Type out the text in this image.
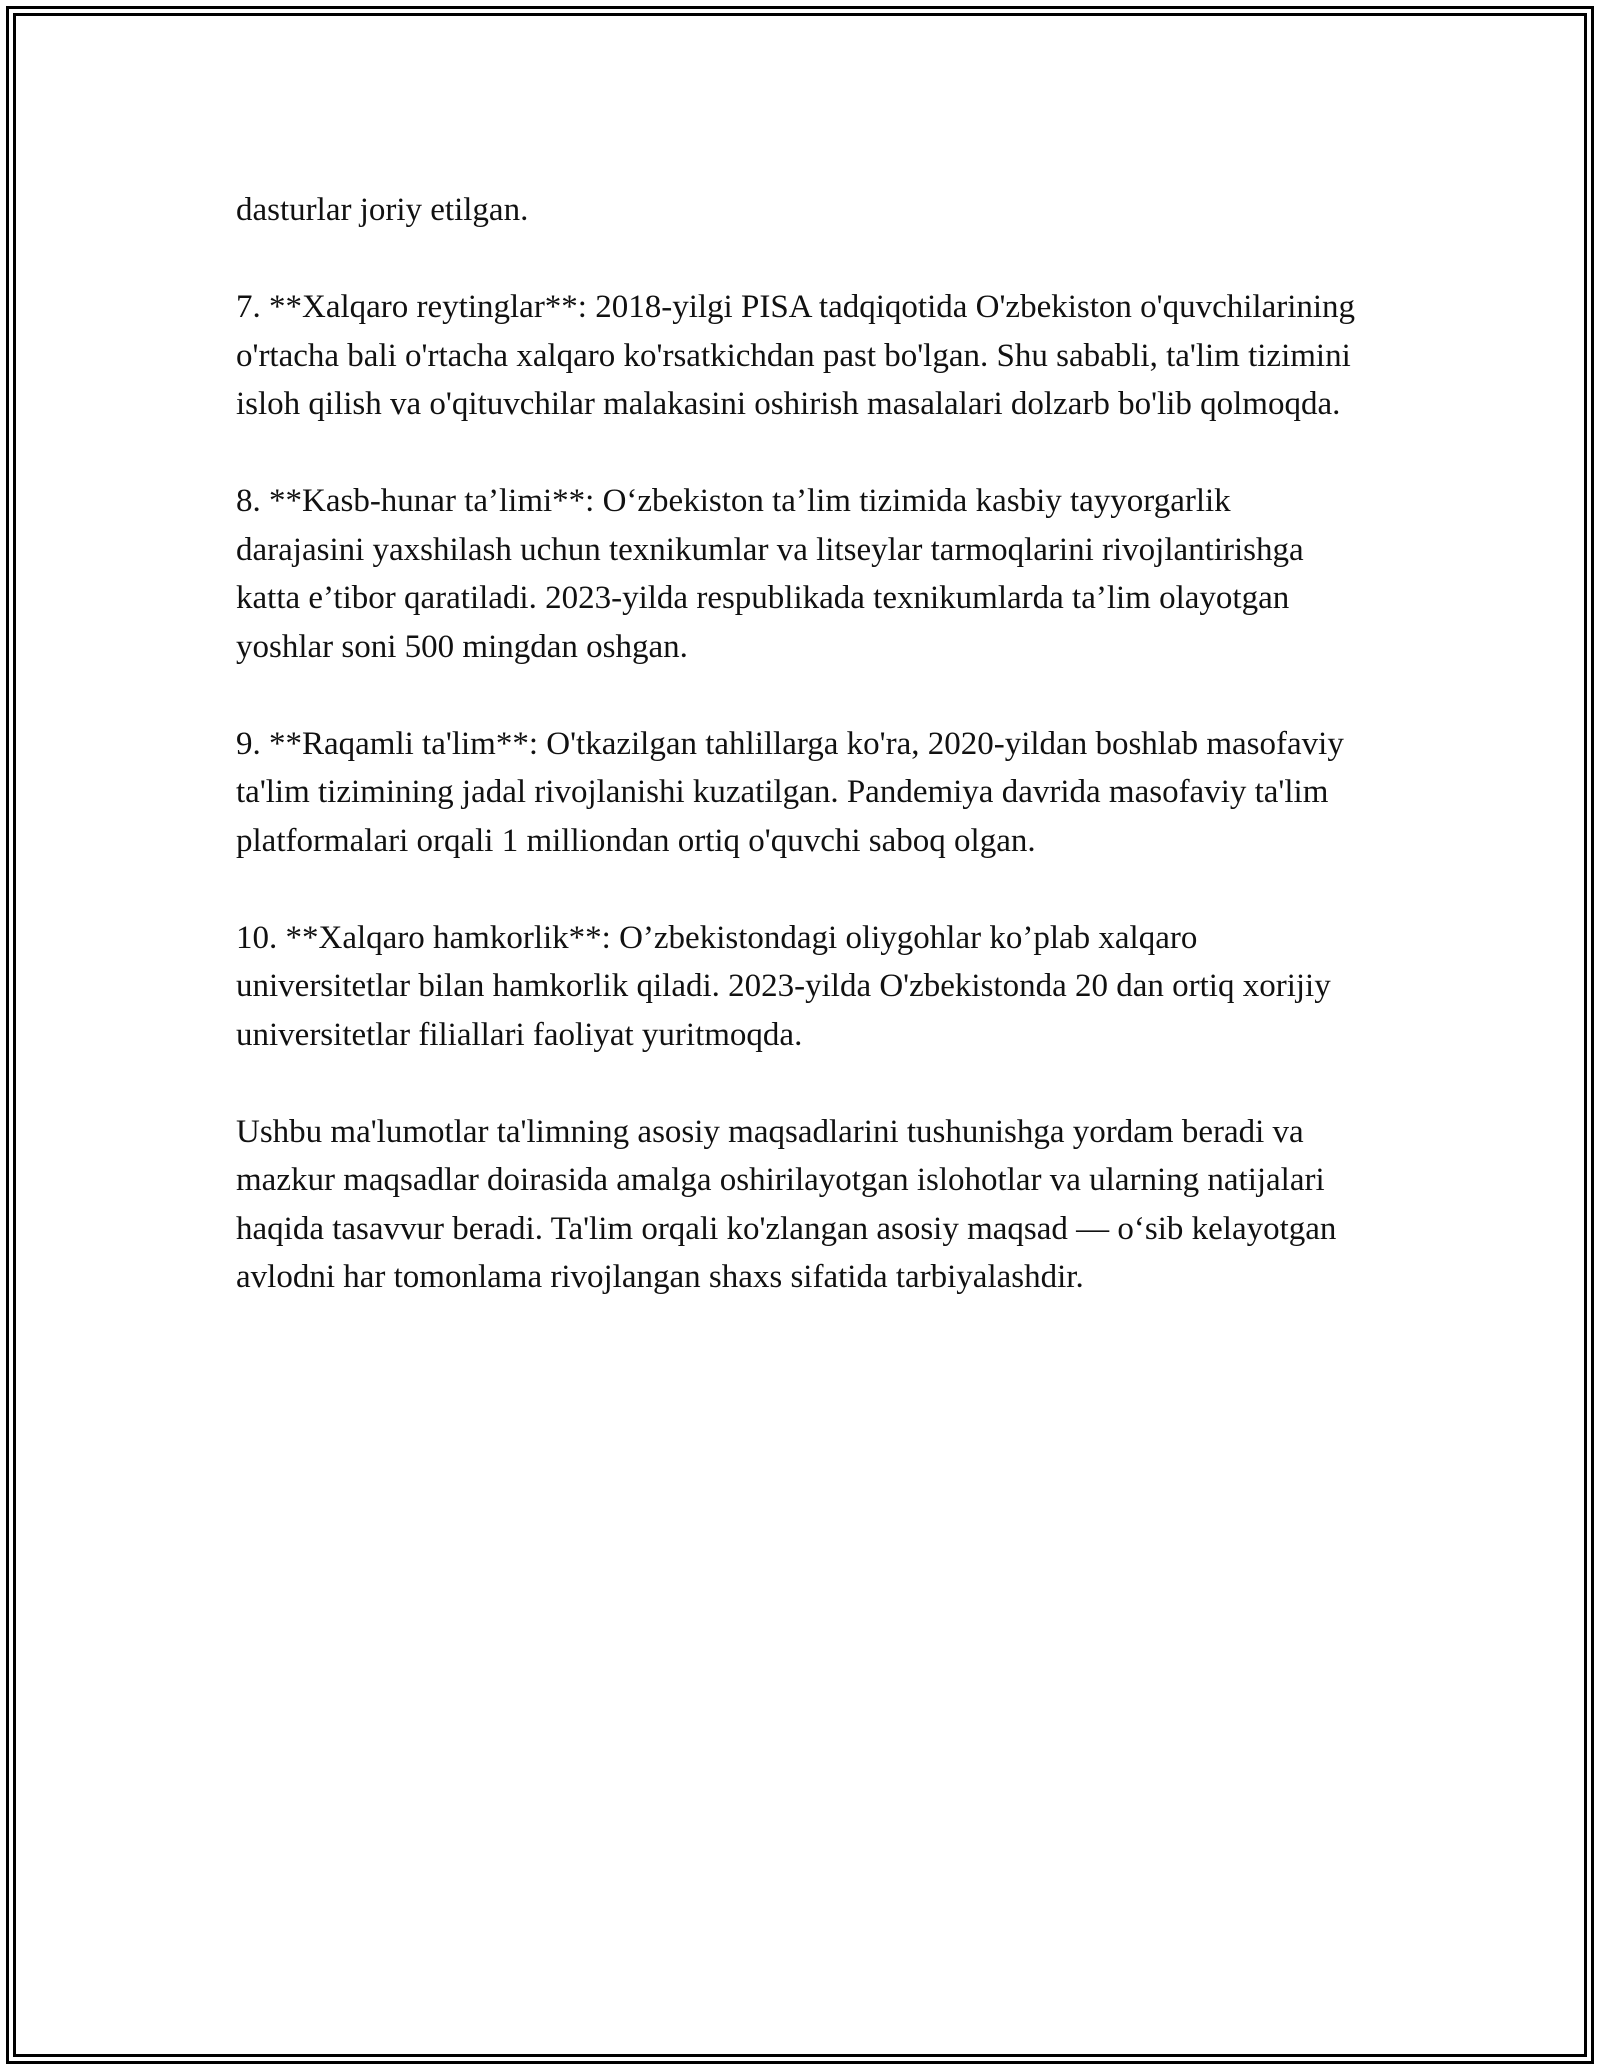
dasturlar joriy etilgan.

7. **Xalqaro reytinglar**: 2018-yilgi PISA tadqiqotida O'zbekiston o'quvchilarining o'rtacha bali o'rtacha xalqaro ko'rsatkichdan past bo'lgan. Shu sababli, ta'lim tizimini isloh qilish va o'qituvchilar malakasini oshirish masalalari dolzarb bo'lib qolmoqda.

8. **Kasb-hunar ta’limi**: O‘zbekiston ta’lim tizimida kasbiy tayyorgarlik darajasini yaxshilash uchun texnikumlar va litseylar tarmoqlarini rivojlantirishga katta e’tibor qaratiladi. 2023-yilda respublikada texnikumlarda ta’lim olayotgan yoshlar soni 500 mingdan oshgan.

9. **Raqamli ta'lim**: O'tkazilgan tahlillarga ko'ra, 2020-yildan boshlab masofaviy ta'lim tizimining jadal rivojlanishi kuzatilgan. Pandemiya davrida masofaviy ta'lim platformalari orqali 1 milliondan ortiq o'quvchi saboq olgan.

10. **Xalqaro hamkorlik**: O’zbekistondagi oliygohlar ko’plab xalqaro universitetlar bilan hamkorlik qiladi. 2023-yilda O'zbekistonda 20 dan ortiq xorijiy universitetlar filiallari faoliyat yuritmoqda.

Ushbu ma'lumotlar ta'limning asosiy maqsadlarini tushunishga yordam beradi va mazkur maqsadlar doirasida amalga oshirilayotgan islohotlar va ularning natijalari haqida tasavvur beradi. Ta'lim orqali ko'zlangan asosiy maqsad — o‘sib kelayotgan avlodni har tomonlama rivojlangan shaxs sifatida tarbiyalashdir.
